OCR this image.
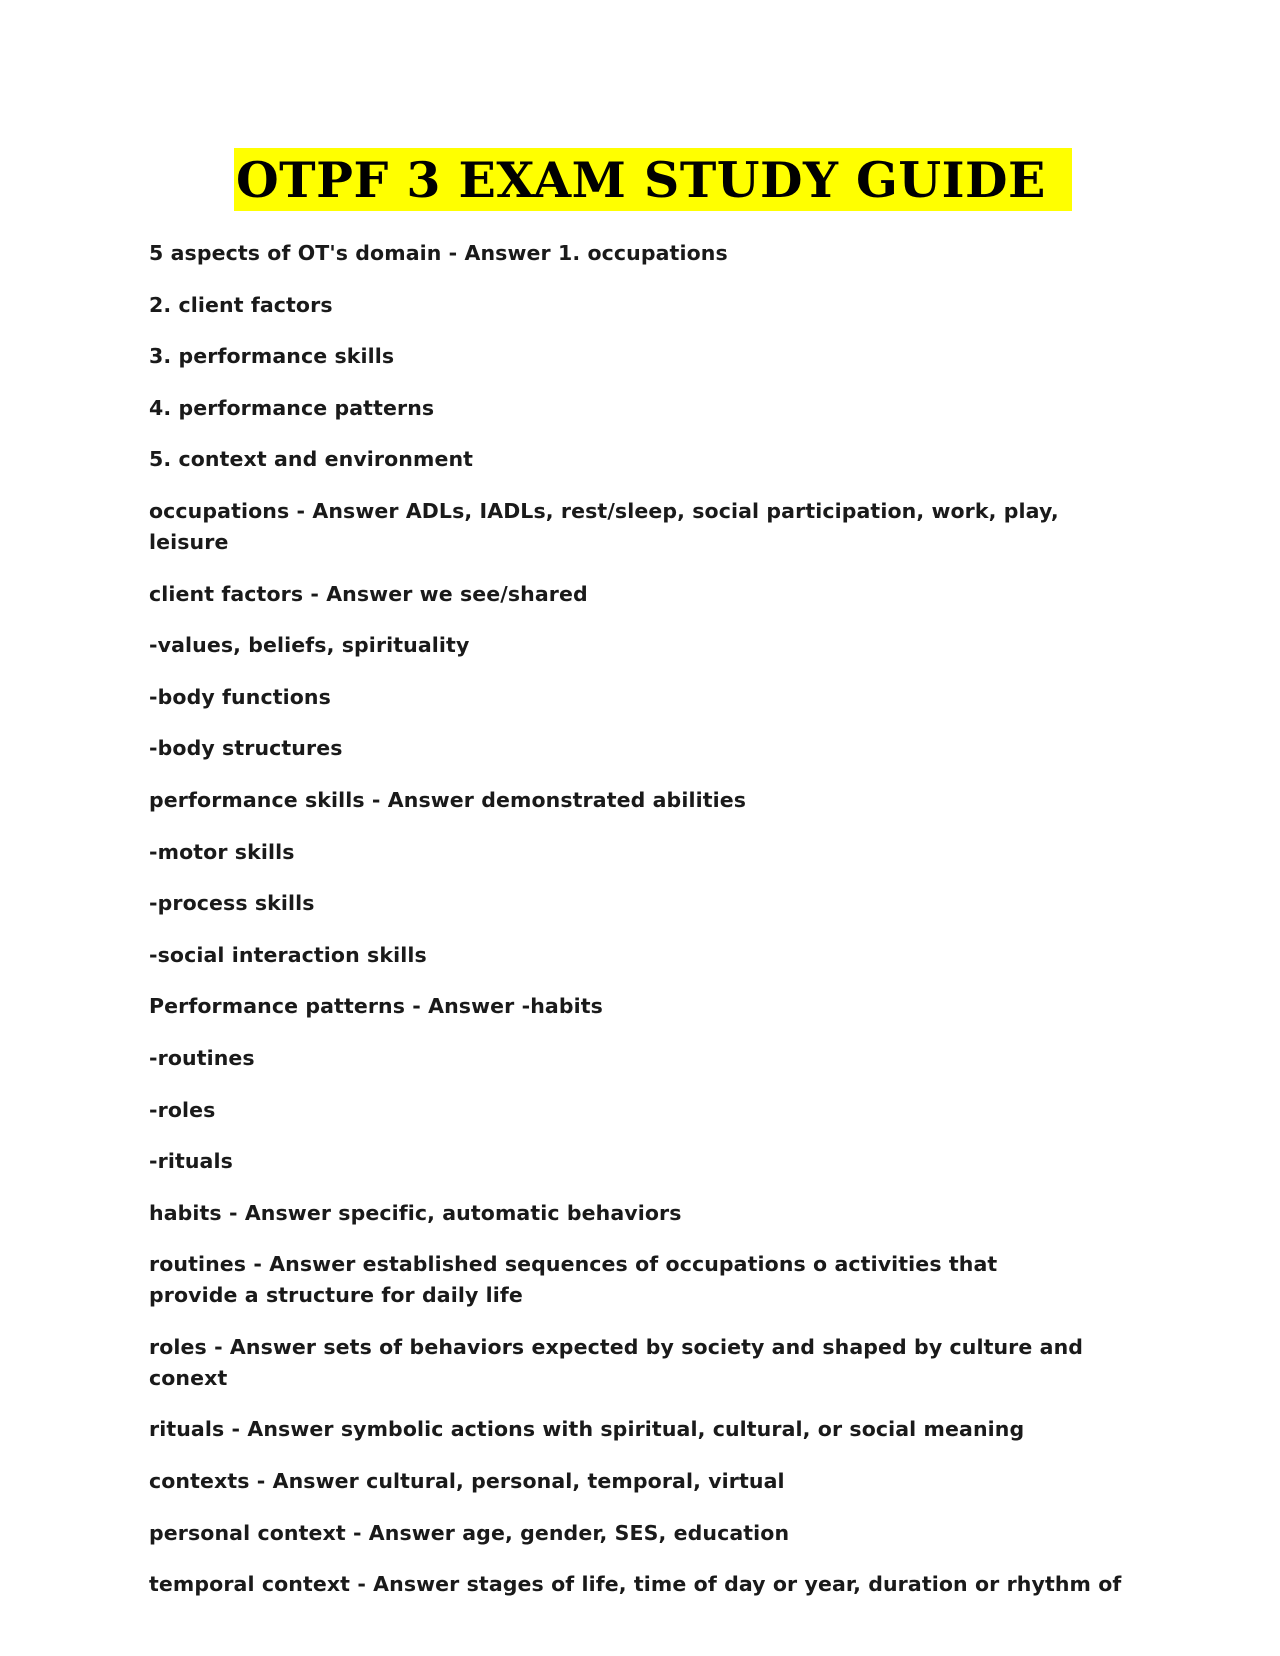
OTPF 3 EXAM STUDY GUIDE

5 aspects of OT's domain - Answer 1. occupations

2. client factors

3. performance skills

4. performance patterns

5. context and environment

occupations - Answer ADLs, IADLs, rest/sleep, social participation, work, play, leisure

client factors - Answer we see/shared

-values, beliefs, spirituality

-body functions

-body structures

performance skills - Answer demonstrated abilities

-motor skills

-process skills

-social interaction skills

Performance patterns - Answer -habits

-routines

-roles

-rituals

habits - Answer specific, automatic behaviors

routines - Answer established sequences of occupations o activities that provide a structure for daily life

roles - Answer sets of behaviors expected by society and shaped by culture and conext

rituals - Answer symbolic actions with spiritual, cultural, or social meaning

contexts - Answer cultural, personal, temporal, virtual

personal context - Answer age, gender, SES, education

temporal context - Answer stages of life, time of day or year, duration or rhythm of
